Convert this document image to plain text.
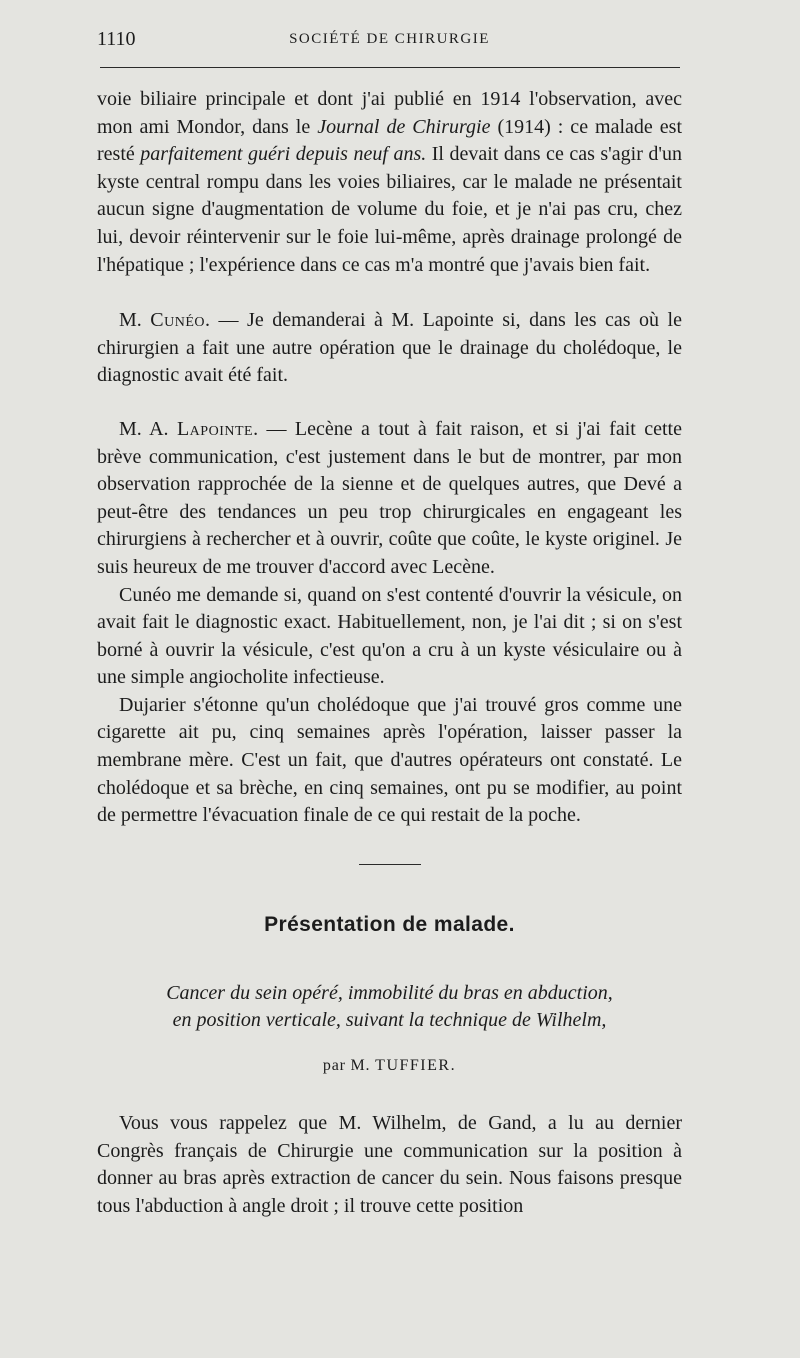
1110	SOCIÉTÉ DE CHIRURGIE

voie biliaire principale et dont j'ai publié en 1914 l'observation, avec mon ami Mondor, dans le Journal de Chirurgie (1914) : ce malade est resté parfaitement guéri depuis neuf ans. Il devait dans ce cas s'agir d'un kyste central rompu dans les voies biliaires, car le malade ne présentait aucun signe d'augmentation de volume du foie, et je n'ai pas cru, chez lui, devoir réintervenir sur le foie lui-même, après drainage prolongé de l'hépatique ; l'expérience dans ce cas m'a montré que j'avais bien fait.

M. Cunéo. — Je demanderai à M. Lapointe si, dans les cas où le chirurgien a fait une autre opération que le drainage du cholédoque, le diagnostic avait été fait.

M. A. Lapointe. — Lecène a tout à fait raison, et si j'ai fait cette brève communication, c'est justement dans le but de montrer, par mon observation rapprochée de la sienne et de quelques autres, que Devé a peut-être des tendances un peu trop chirurgicales en engageant les chirurgiens à rechercher et à ouvrir, coûte que coûte, le kyste originel. Je suis heureux de me trouver d'accord avec Lecène.

Cunéo me demande si, quand on s'est contenté d'ouvrir la vésicule, on avait fait le diagnostic exact. Habituellement, non, je l'ai dit ; si on s'est borné à ouvrir la vésicule, c'est qu'on a cru à un kyste vésiculaire ou à une simple angiocholite infectieuse.

Dujarier s'étonne qu'un cholédoque que j'ai trouvé gros comme une cigarette ait pu, cinq semaines après l'opération, laisser passer la membrane mère. C'est un fait, que d'autres opérateurs ont constaté. Le cholédoque et sa brèche, en cinq semaines, ont pu se modifier, au point de permettre l'évacuation finale de ce qui restait de la poche.

Présentation de malade.
Cancer du sein opéré, immobilité du bras en abduction,
en position verticale, suivant la technique de Wilhelm,
par M. TUFFIER.

Vous vous rappelez que M. Wilhelm, de Gand, a lu au dernier Congrès français de Chirurgie une communication sur la position à donner au bras après extraction de cancer du sein. Nous faisons presque tous l'abduction à angle droit ; il trouve cette position
